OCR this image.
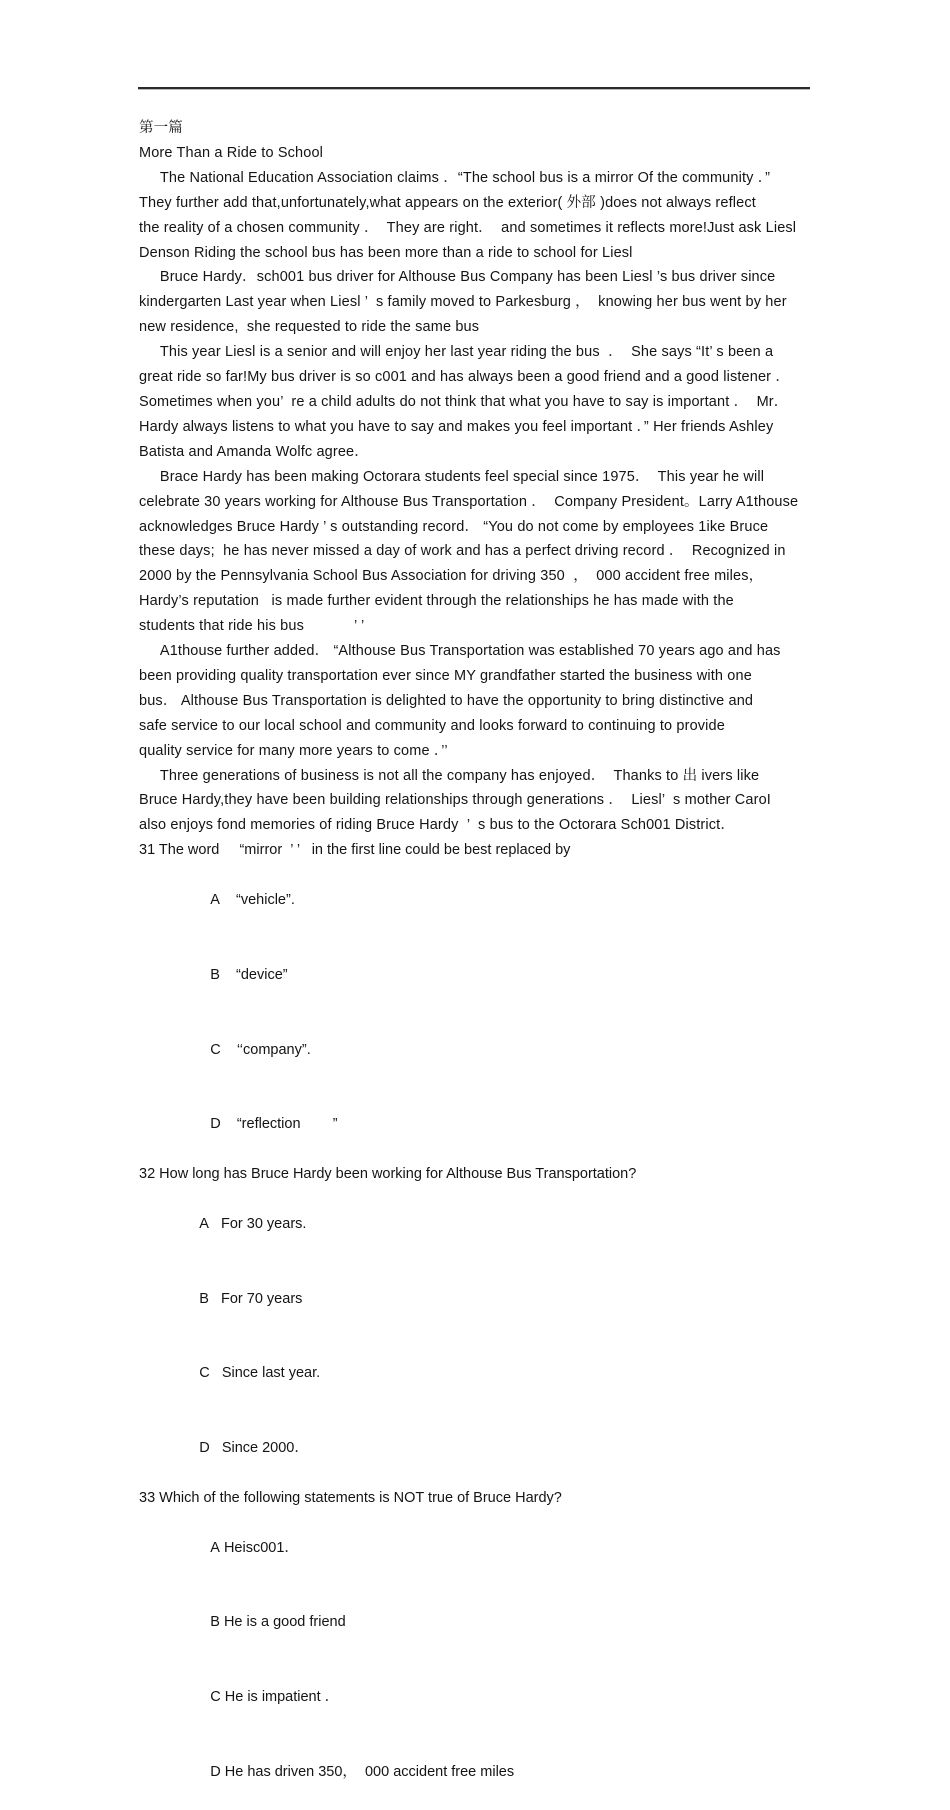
第一篇
More Than a Ride to School
The National Education Association claims ．“The school bus is a mirror Of the community ．”
They further add that,unfortunately,what appears on the exterior( 外部 )does not always reflect
the reality of a chosen community ．  They are right．  and sometimes it reflects more!Just ask Liesl
Denson Riding the school bus has been more than a ride to school for Liesl
Bruce Hardy．sch001 bus driver for Althouse Bus Company has been Liesl ’s bus driver since
kindergarten Last year when Liesl ’  s family moved to Parkesburg ，  knowing her bus went by her
new residence,  she requested to ride the same bus
This year Liesl is a senior and will enjoy her last year riding the bus  ．  She says “It’ s been a
great ride so far!My bus driver is so c001 and has always been a good friend and a good listener ．
Sometimes when you’  re a child adults do not think that what you have to say is important ．  Mr．
Hardy always listens to what you have to say and makes you feel important ．” Her friends Ashley
Batista and Amanda Wolfc agree．
Brace Hardy has been making Octorara students feel special since 1975．  This year he will
celebrate 30 years working for Althouse Bus Transportation ．  Company President。Larry A1thouse
acknowledges Bruce Hardy ’ s outstanding record． “You do not come by employees 1ike Bruce
these days;  he has never missed a day of work and has a perfect driving record ．  Recognized in
2000 by the Pennsylvania School Bus Association for driving 350  ，  000 accident free miles，
Hardy’s reputation   is made further evident through the relationships he has made with the
students that ride his bus            ’ ’
A1thouse further added． “Althouse Bus Transportation was established 70 years ago and has
been providing quality transportation ever since MY grandfather started the business with one
bus． Althouse Bus Transportation is delighted to have the opportunity to bring distinctive and
safe service to our local school and community and looks forward to continuing to provide
quality service for many more years to come ．’’
Three generations of business is not all the company has enjoyed．  Thanks to 出 ivers like
Bruce Hardy,they have been building relationships through generations ．  Liesl’  s mother CaroI
also enjoys fond memories of riding Bruce Hardy  ’  s bus to the Octorara Sch001 District．
31 The word     “mirror  ’ ’   in the first line could be best replaced by

A “vehicle”.

B “device”

C ‘‘company”.

D “reflection        ”

32 How long has Bruce Hardy been working for Althouse Bus Transportation?

A For 30 years.

B For 70 years

C Since last year.

D Since 2000．

33 Which of the following statements is NOT true of Bruce Hardy?

A Heisc001．

B He is a good friend

C He is impatient ．

D He has driven 350，  000 accident free miles
